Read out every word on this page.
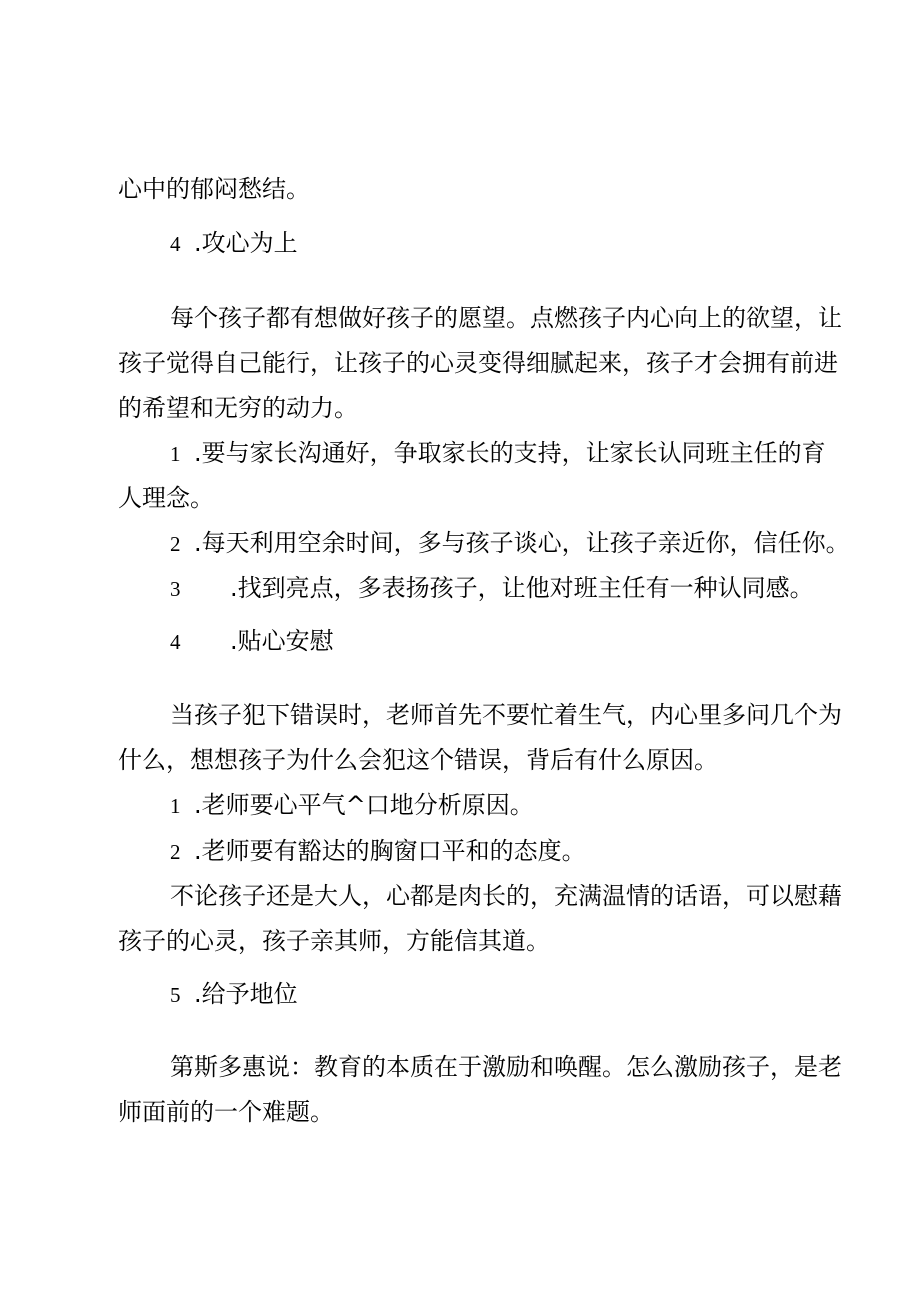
心中的郁闷愁结。
4 .攻心为上
每个孩子都有想做好孩子的愿望。点燃孩子内心向上的欲望，让
孩子觉得自己能行，让孩子的心灵变得细腻起来，孩子才会拥有前进
的希望和无穷的动力。
1 .要与家长沟通好，争取家长的支持，让家长认同班主任的育
人理念。
2 .每天利用空余时间，多与孩子谈心，让孩子亲近你，信任你。
3 .找到亮点，多表扬孩子，让他对班主任有一种认同感。
4 .贴心安慰
当孩子犯下错误时，老师首先不要忙着生气，内心里多问几个为
什么，想想孩子为什么会犯这个错误，背后有什么原因。
1 .老师要心平气^口地分析原因。
2 .老师要有豁达的胸窗口平和的态度。
不论孩子还是大人，心都是肉长的，充满温情的话语，可以慰藉
孩子的心灵，孩子亲其师，方能信其道。
5 .给予地位
第斯多惠说：教育的本质在于激励和唤醒。怎么激励孩子，是老
师面前的一个难题。
